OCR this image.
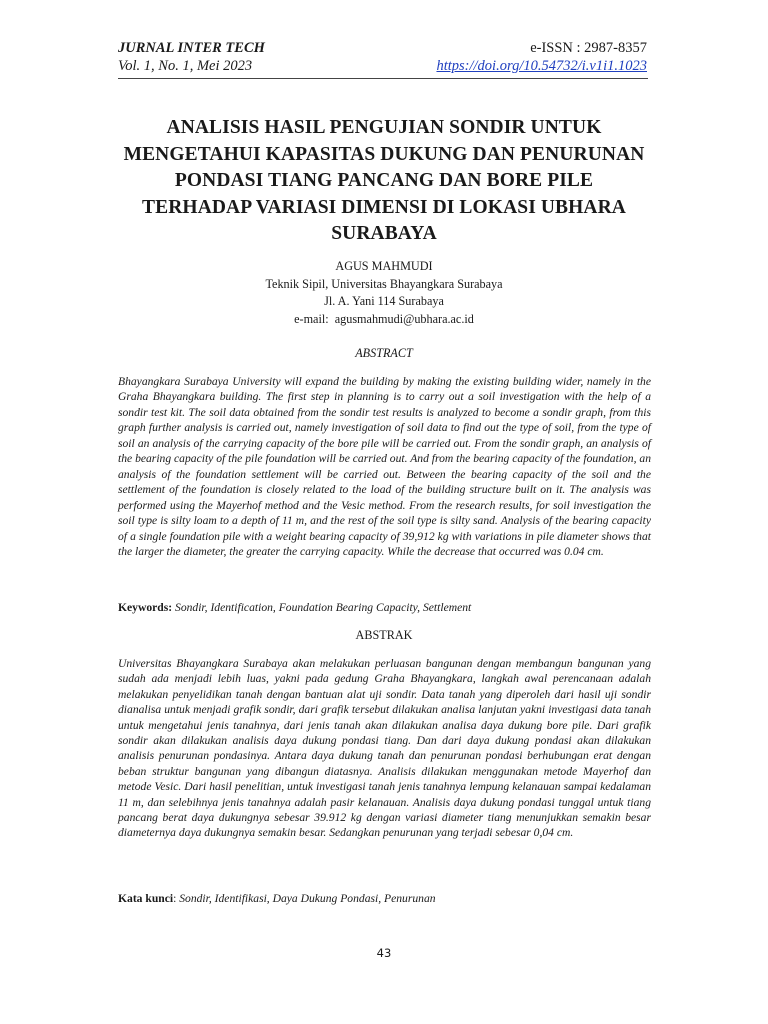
JURNAL INTER TECH
Vol. 1, No. 1, Mei 2023
e-ISSN : 2987-8357
https://doi.org/10.54732/i.v1i1.1023
ANALISIS HASIL PENGUJIAN SONDIR UNTUK MENGETAHUI KAPASITAS DUKUNG DAN PENURUNAN PONDASI TIANG PANCANG DAN BORE PILE TERHADAP VARIASI DIMENSI DI LOKASI UBHARA SURABAYA
AGUS MAHMUDI
Teknik Sipil, Universitas Bhayangkara Surabaya
Jl. A. Yani 114 Surabaya
e-mail: agusmahmudi@ubhara.ac.id
ABSTRACT

Bhayangkara Surabaya University will expand the building by making the existing building wider, namely in the Graha Bhayangkara building. The first step in planning is to carry out a soil investigation with the help of a sondir test kit. The soil data obtained from the sondir test results is analyzed to become a sondir graph, from this graph further analysis is carried out, namely investigation of soil data to find out the type of soil, from the type of soil an analysis of the carrying capacity of the bore pile will be carried out. From the sondir graph, an analysis of the bearing capacity of the pile foundation will be carried out. And from the bearing capacity of the foundation, an analysis of the foundation settlement will be carried out. Between the bearing capacity of the soil and the settlement of the foundation is closely related to the load of the building structure built on it. The analysis was performed using the Mayerhof method and the Vesic method. From the research results, for soil investigation the soil type is silty loam to a depth of 11 m, and the rest of the soil type is silty sand. Analysis of the bearing capacity of a single foundation pile with a weight bearing capacity of 39,912 kg with variations in pile diameter shows that the larger the diameter, the greater the carrying capacity. While the decrease that occurred was 0.04 cm.

Keywords: Sondir, Identification, Foundation Bearing Capacity, Settlement

ABSTRAK

Universitas Bhayangkara Surabaya akan melakukan perluasan bangunan dengan membangun bangunan yang sudah ada menjadi lebih luas, yakni pada gedung Graha Bhayangkara, langkah awal perencanaan adalah melakukan penyelidikan tanah dengan bantuan alat uji sondir. Data tanah yang diperoleh dari hasil uji sondir dianalisa untuk menjadi grafik sondir, dari grafik tersebut dilakukan analisa lanjutan yakni investigasi data tanah untuk mengetahui jenis tanahnya, dari jenis tanah akan dilakukan analisa daya dukung bore pile. Dari grafik sondir akan dilakukan analisis daya dukung pondasi tiang. Dan dari daya dukung pondasi akan dilakukan analisis penurunan pondasinya. Antara daya dukung tanah dan penurunan pondasi berhubungan erat dengan beban struktur bangunan yang dibangun diatasnya. Analisis dilakukan menggunakan metode Mayerhof dan metode Vesic. Dari hasil penelitian, untuk investigasi tanah jenis tanahnya lempung kelanauan sampai kedalaman 11 m, dan selebihnya jenis tanahnya adalah pasir kelanauan. Analisis daya dukung pondasi tunggal untuk tiang pancang berat daya dukungnya sebesar 39.912 kg dengan variasi diameter tiang menunjukkan semakin besar diameternya daya dukungnya semakin besar. Sedangkan penurunan yang terjadi sebesar 0,04 cm.

Kata kunci: Sondir, Identifikasi, Daya Dukung Pondasi, Penurunan

43
